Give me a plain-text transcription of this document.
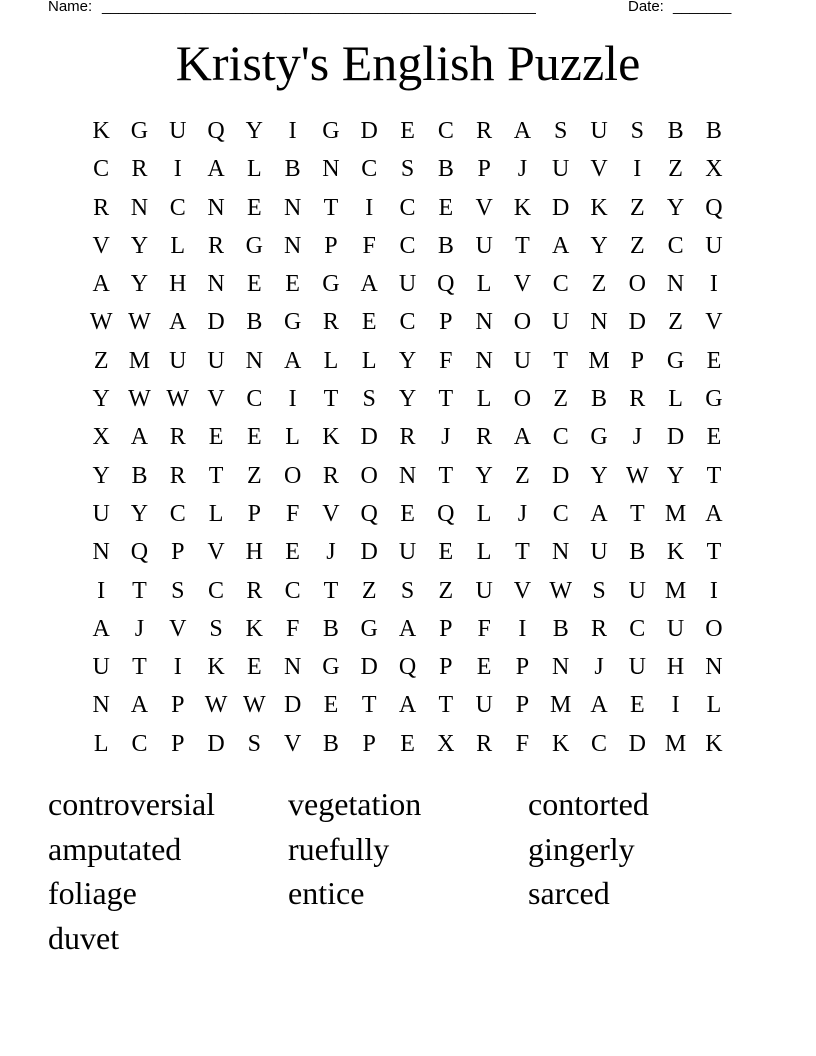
Name: ____________________________________________________	Date: _______
Kristy's English Puzzle
K G U Q Y	I	G D E C R A S U S B B
C R	I	A L B N C S B P	J	U V	I	Z X
R N C N E N T	I	C E V K D K Z Y Q
V Y L R G N P	F C B U T A Y Z C U
A Y H N E E G A U Q L V C Z O N	I
W W A D B G R E C P N O U N D Z V
Z M U U N A L L Y F N U T M P G E
Y W W V C	I	T	S Y T L O Z B R L G
X A R E E L K D R	J	R A C G	J	D E
Y B R T Z O R O N T Y Z D Y W Y T
U Y C L	P	F V Q E Q L	J	C A T M A
N Q P V H E	J	D U E L T N U B K T
I	T	S C R C T Z	S	Z U V W S U M I
A	J	V S K F B G A P	F	I	B R C U O
U T	I	K E N G D Q P	E	P N	J	U H N
N A P W W D E T A T U P M A E	I	L
L C P D S V B P	E X R F K C D M K
controversial	vegetation	contorted
amputated	ruefully	gingerly
foliage	entice	sarced
duvet
